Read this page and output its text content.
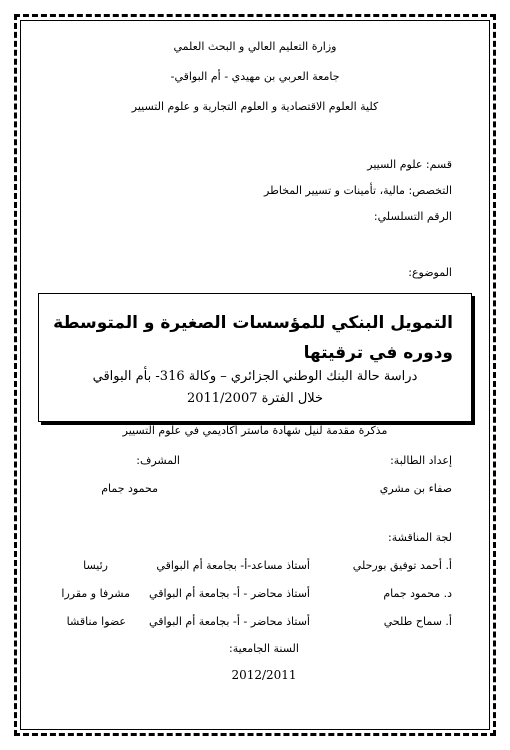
وزارة التعليم العالي و البحث العلمي
جامعة العربي بن مهيدي - أم البواقي-
كلية العلوم الاقتصادية و العلوم التجارية و علوم التسيير
قسم: علوم السيير
التخصص: مالية، تأمينات و تسيير المخاطر
الرقم التسلسلي:
الموضوع:
التمويل البنكي للمؤسسات الصغيرة و المتوسطة ودوره في ترقيتها
دراسة حالة البنك الوطني الجزائري – وكالة 316- بأم البواقي
خلال الفترة 2011/2007
مذكرة مقدمة لنيل شهادة ماستر أكاديمي في علوم التسيير
إعداد الطالبة:
المشرف:
صفاء بن مشري
محمود جمام
لجة المناقشة:
أ. أحمد توفيق بورحلي
أستاذ مساعد-أ- بجامعة أم البواقي
رئيسا
د. محمود جمام
أستاذ محاضر - أ- بجامعة أم البواقي
مشرفا و مقررا
أ. سماح طلحي
أستاذ محاضر - أ- بجامعة أم البواقي
عضوا مناقشا
السنة الجامعية:
2012/2011
